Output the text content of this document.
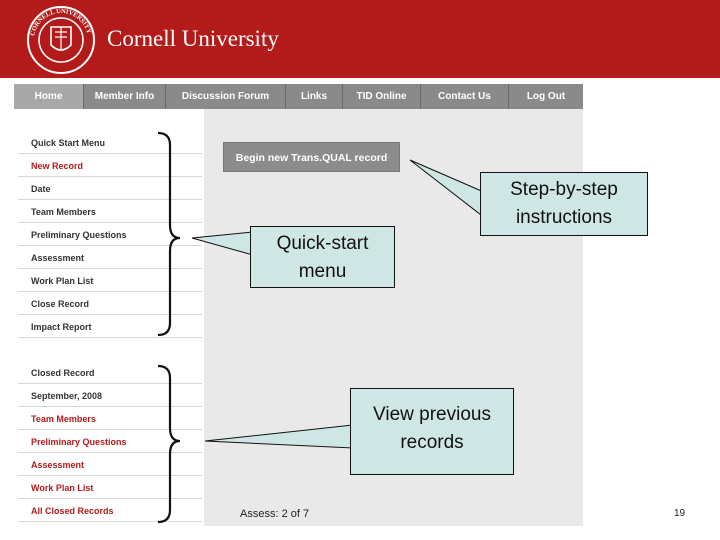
CORNELL UNIVERSITY Cornell University
Home	Member Info	Discussion Forum	Links	TID Online	Contact Us	Log Out
Quick Start Menu
New Record
Date
Team Members
Preliminary Questions
Assessment
Work Plan List
Close Record
Impact Report
Closed Record
September, 2008
Team Members
Preliminary Questions
Assessment
Work Plan List
All Closed Records
Begin new Trans.QUAL record
Quick-start
menu
Step-by-step
instructions
View previous
records
Assess: 2 of 7	19
